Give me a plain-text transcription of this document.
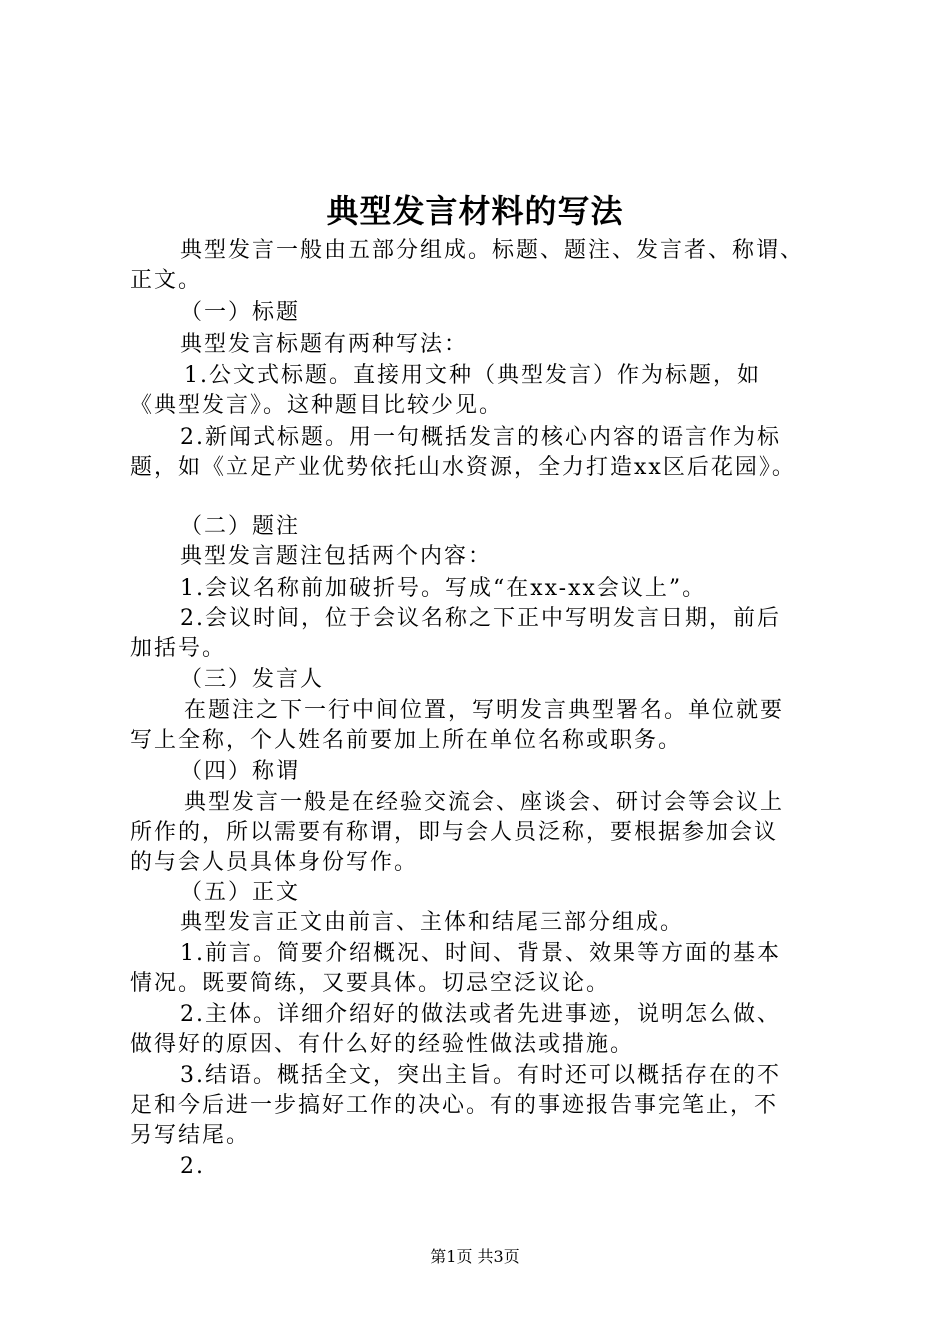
典型发言材料的写法
典型发言一般由五部分组成。标题、题注、发言者、称谓、
正文。
（一）标题
典型发言标题有两种写法：
1.公文式标题。直接用文种（典型发言）作为标题，如
《典型发言》。这种题目比较少见。
2.新闻式标题。用一句概括发言的核心内容的语言作为标
题，如《立足产业优势依托山水资源，全力打造xx区后花园》。
（二）题注
典型发言题注包括两个内容：
1.会议名称前加破折号。写成“在xx-xx会议上”。
2.会议时间，位于会议名称之下正中写明发言日期，前后
加括号。
（三）发言人
在题注之下一行中间位置，写明发言典型署名。单位就要
写上全称，个人姓名前要加上所在单位名称或职务。
（四）称谓
典型发言一般是在经验交流会、座谈会、研讨会等会议上
所作的，所以需要有称谓，即与会人员泛称，要根据参加会议
的与会人员具体身份写作。
（五）正文
典型发言正文由前言、主体和结尾三部分组成。
1.前言。简要介绍概况、时间、背景、效果等方面的基本
情况。既要简练，又要具体。切忌空泛议论。
2.主体。详细介绍好的做法或者先进事迹，说明怎么做、
做得好的原因、有什么好的经验性做法或措施。
3.结语。概括全文，突出主旨。有时还可以概括存在的不
足和今后进一步搞好工作的决心。有的事迹报告事完笔止，不
另写结尾。
2.
第1页 共3页
